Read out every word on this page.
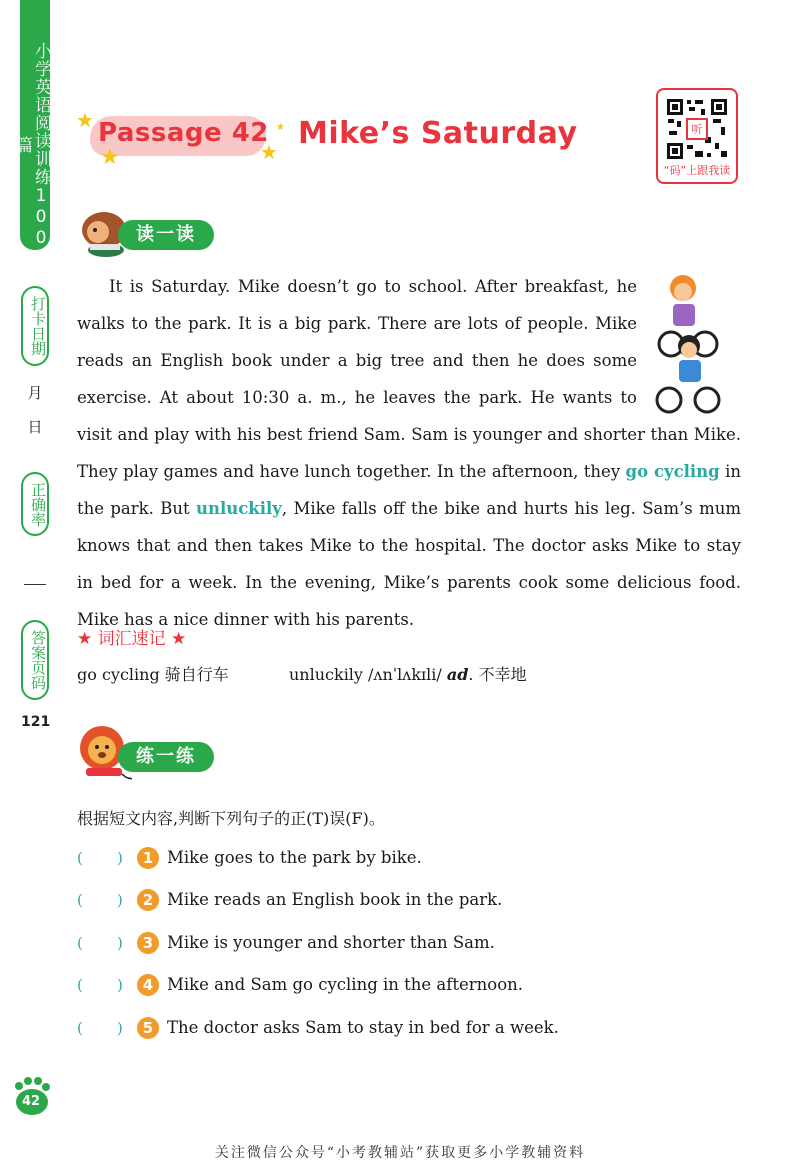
小学英语阅读训练100篇
打卡日期
月
日
正确率
答案页码
121
★ Passage 42
★	★
★ Mike’s Saturday	听
“码”上跟我读
读一读
It is Saturday. Mike doesn’t go to school. After breakfast, he walks to the park. It is a big park. There are lots of people. Mike reads an English book under a big tree and then he does some exercise. At about 10:30 a. m., he leaves the park. He wants to visit and play with his best friend Sam. Sam is younger and shorter than Mike. They play games and have lunch together. In the afternoon, they go cycling in the park. But unluckily, Mike falls off the bike and hurts his leg. Sam’s mum knows that and then takes Mike to the hospital. The doctor asks Mike to stay in bed for a week. In the evening, Mike’s parents cook some delicious food. Mike has a nice dinner with his parents.
★ 词汇速记 ★
go cycling 骑自行车	unluckily /ʌnˈlʌkɪli/ ad. 不幸地
练一练
根据短文内容,判断下列句子的正(T)误(F)。
( )	1 Mike goes to the park by bike.
( )	2 Mike reads an English book in the park.
( )	3 Mike is younger and shorter than Sam.
( )	4 Mike and Sam go cycling in the afternoon.
( )	5 The doctor asks Sam to stay in bed for a week.
42
关注微信公众号“小考教辅站”获取更多小学教辅资料
